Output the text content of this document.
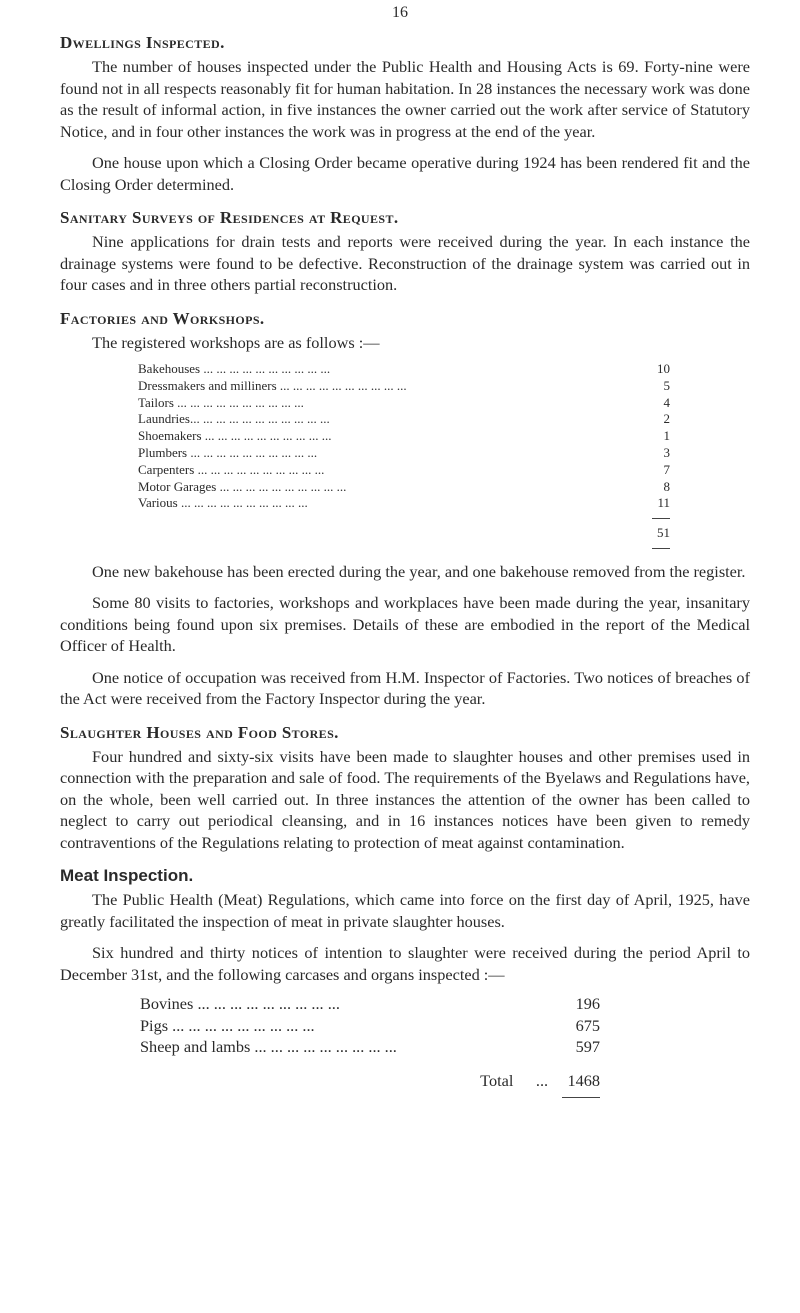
16
Dwellings Inspected.

The number of houses inspected under the Public Health and Housing Acts is 69. Forty-nine were found not in all respects reasonably fit for human habitation. In 28 instances the necessary work was done as the result of informal action, in five instances the owner carried out the work after service of Statutory Notice, and in four other instances the work was in progress at the end of the year.

One house upon which a Closing Order became operative during 1924 has been rendered fit and the Closing Order determined.

Sanitary Surveys of Residences at Request.

Nine applications for drain tests and reports were received during the year. In each instance the drainage systems were found to be defective. Reconstruction of the drainage system was carried out in four cases and in three others partial reconstruction.

Factories and Workshops.

The registered workshops are as follows :—

Bakehouses ... .	10
Dressmakers and milliners ... .	5
Tailors ... .	4
Laundries... ... .	2
Shoemakers ... .	1
Plumbers ... .	3
Carpenters ... .	7
Motor Garages ... .	8
Various ... .	11
51

One new bakehouse has been erected during the year, and one bakehouse removed from the register.

Some 80 visits to factories, workshops and workplaces have been made during the year, insanitary conditions being found upon six premises. Details of these are embodied in the report of the Medical Officer of Health.

One notice of occupation was received from H.M. Inspector of Factories. Two notices of breaches of the Act were received from the Factory Inspector during the year.

Slaughter Houses and Food Stores.

Four hundred and sixty-six visits have been made to slaughter houses and other premises used in connection with the preparation and sale of food. The requirements of the Byelaws and Regulations have, on the whole, been well carried out. In three instances the attention of the owner has been called to neglect to carry out periodical cleansing, and in 16 instances notices have been given to remedy contraventions of the Regulations relating to protection of meat against contamination.

Meat Inspection.

The Public Health (Meat) Regulations, which came into force on the first day of April, 1925, have greatly facilitated the inspection of meat in private slaughter houses.

Six hundred and thirty notices of intention to slaughter were received during the period April to December 31st, and the following carcases and organs inspected :—

Bovines ... .	196
Pigs ... .	675
Sheep and lambs ... .	597
Total	...	1468
